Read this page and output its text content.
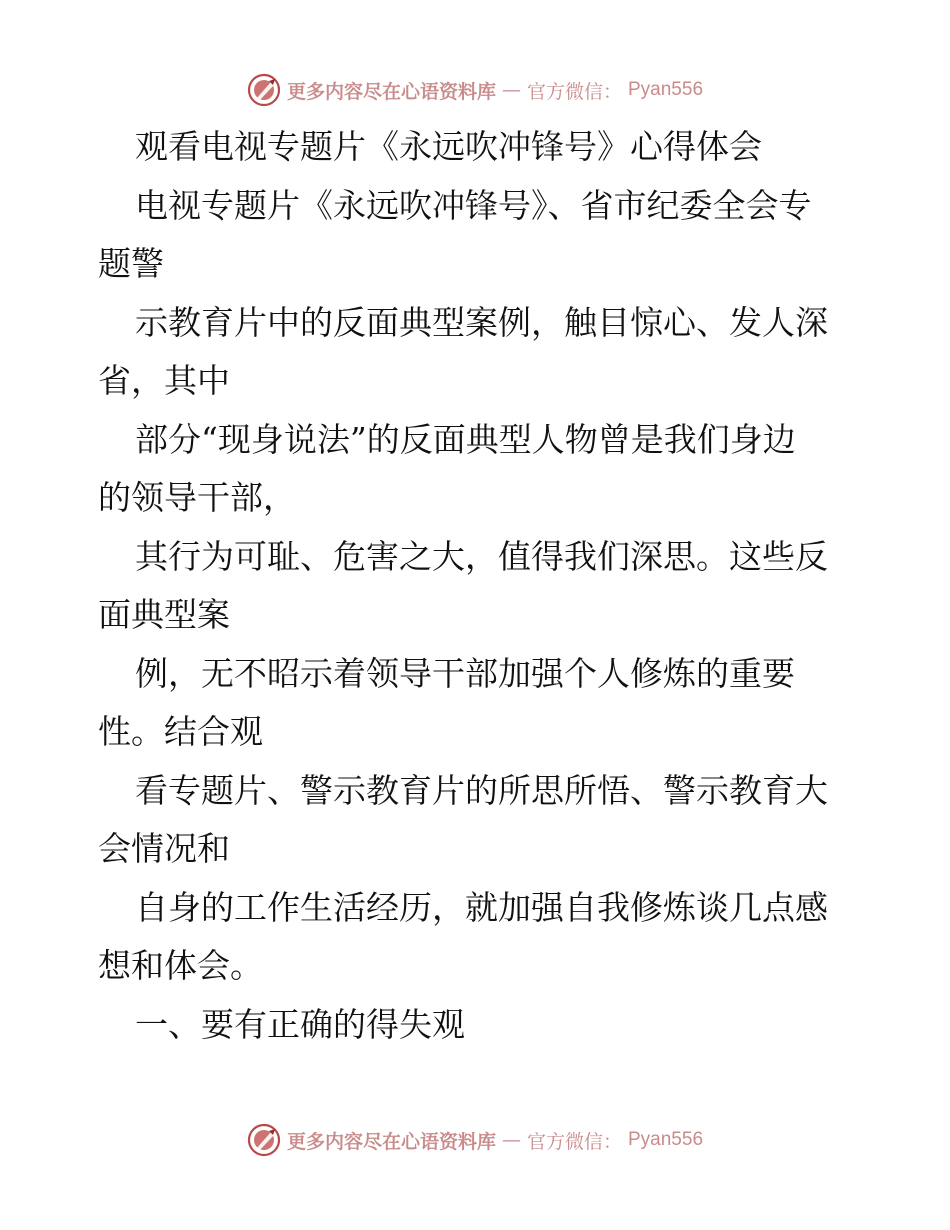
更多内容尽在心语资料库 — 官方微信： Pyan556
观看电视专题片《永远吹冲锋号》心得体会
电视专题片《永远吹冲锋号》、省市纪委全会专
题警
示教育片中的反面典型案例，触目惊心、发人深
省，其中
部分“现身说法”的反面典型人物曾是我们身边
的领导干部，
其行为可耻、危害之大，值得我们深思。这些反
面典型案
例，无不昭示着领导干部加强个人修炼的重要
性。结合观
看专题片、警示教育片的所思所悟、警示教育大
会情况和
自身的工作生活经历，就加强自我修炼谈几点感
想和体会。
一、要有正确的得失观
更多内容尽在心语资料库 — 官方微信： Pyan556
